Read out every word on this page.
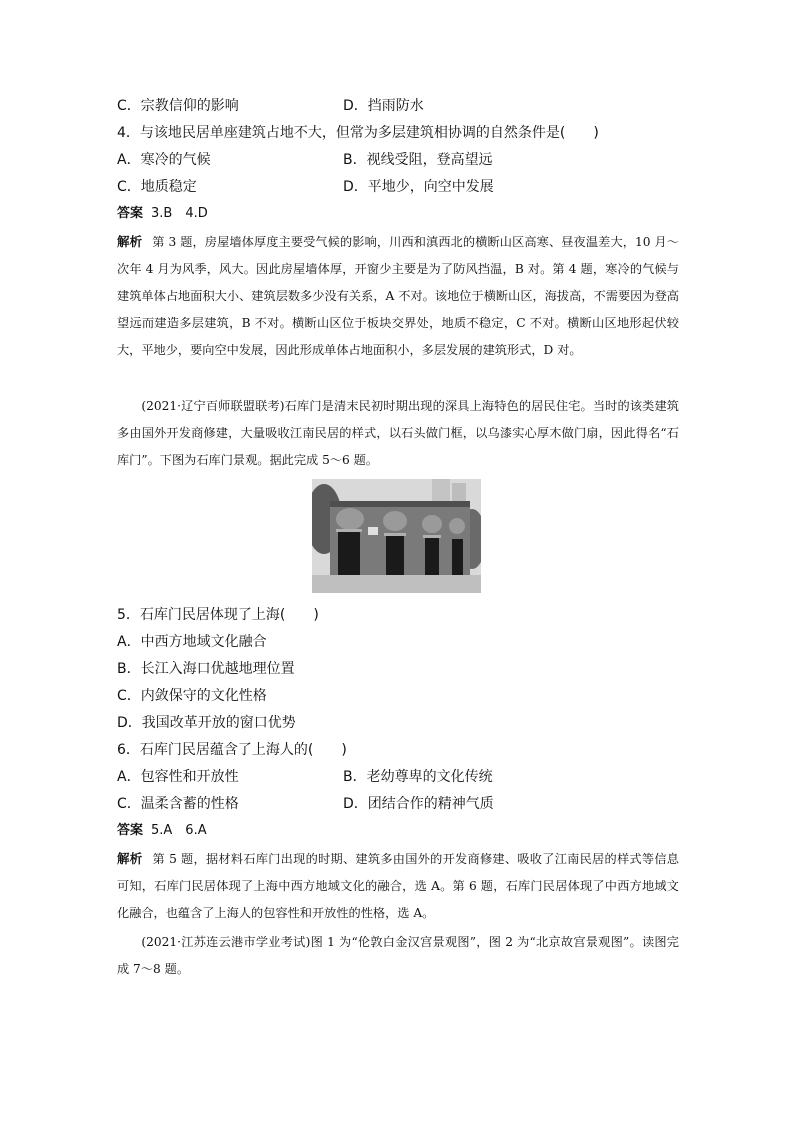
C．宗教信仰的影响	D．挡雨防水
4．与该地民居单座建筑占地不大，但常为多层建筑相协调的自然条件是(　　)
A．寒冷的气候	B．视线受阻，登高望远
C．地质稳定	D．平地少，向空中发展
答案 3.B　4.D
解析 第 3 题，房屋墙体厚度主要受气候的影响，川西和滇西北的横断山区高寒、昼夜温差大，10 月～次年 4 月为风季，风大。因此房屋墙体厚，开窗少主要是为了防风挡温，B 对。第 4 题，寒冷的气候与建筑单体占地面积大小、建筑层数多少没有关系，A 不对。该地位于横断山区，海拔高，不需要因为登高望远而建造多层建筑，B 不对。横断山区位于板块交界处，地质不稳定，C 不对。横断山区地形起伏较大，平地少，要向空中发展，因此形成单体占地面积小，多层发展的建筑形式，D 对。
(2021·辽宁百师联盟联考)石库门是清末民初时期出现的深具上海特色的居民住宅。当时的该类建筑多由国外开发商修建，大量吸收江南民居的样式，以石头做门框，以乌漆实心厚木做门扇，因此得名“石库门”。下图为石库门景观。据此完成 5～6 题。
5．石库门民居体现了上海(　　)
A．中西方地域文化融合
B．长江入海口优越地理位置
C．内敛保守的文化性格
D．我国改革开放的窗口优势
6．石库门民居蕴含了上海人的(　　)
A．包容性和开放性	B．老幼尊卑的文化传统
C．温柔含蓄的性格	D．团结合作的精神气质
答案 5.A　6.A
解析 第 5 题，据材料石库门出现的时期、建筑多由国外的开发商修建、吸收了江南民居的样式等信息可知，石库门民居体现了上海中西方地域文化的融合，选 A。第 6 题，石库门民居体现了中西方地域文化融合，也蕴含了上海人的包容性和开放性的性格，选 A。
(2021·江苏连云港市学业考试)图 1 为“伦敦白金汉宫景观图”，图 2 为“北京故宫景观图”。读图完成 7～8 题。
